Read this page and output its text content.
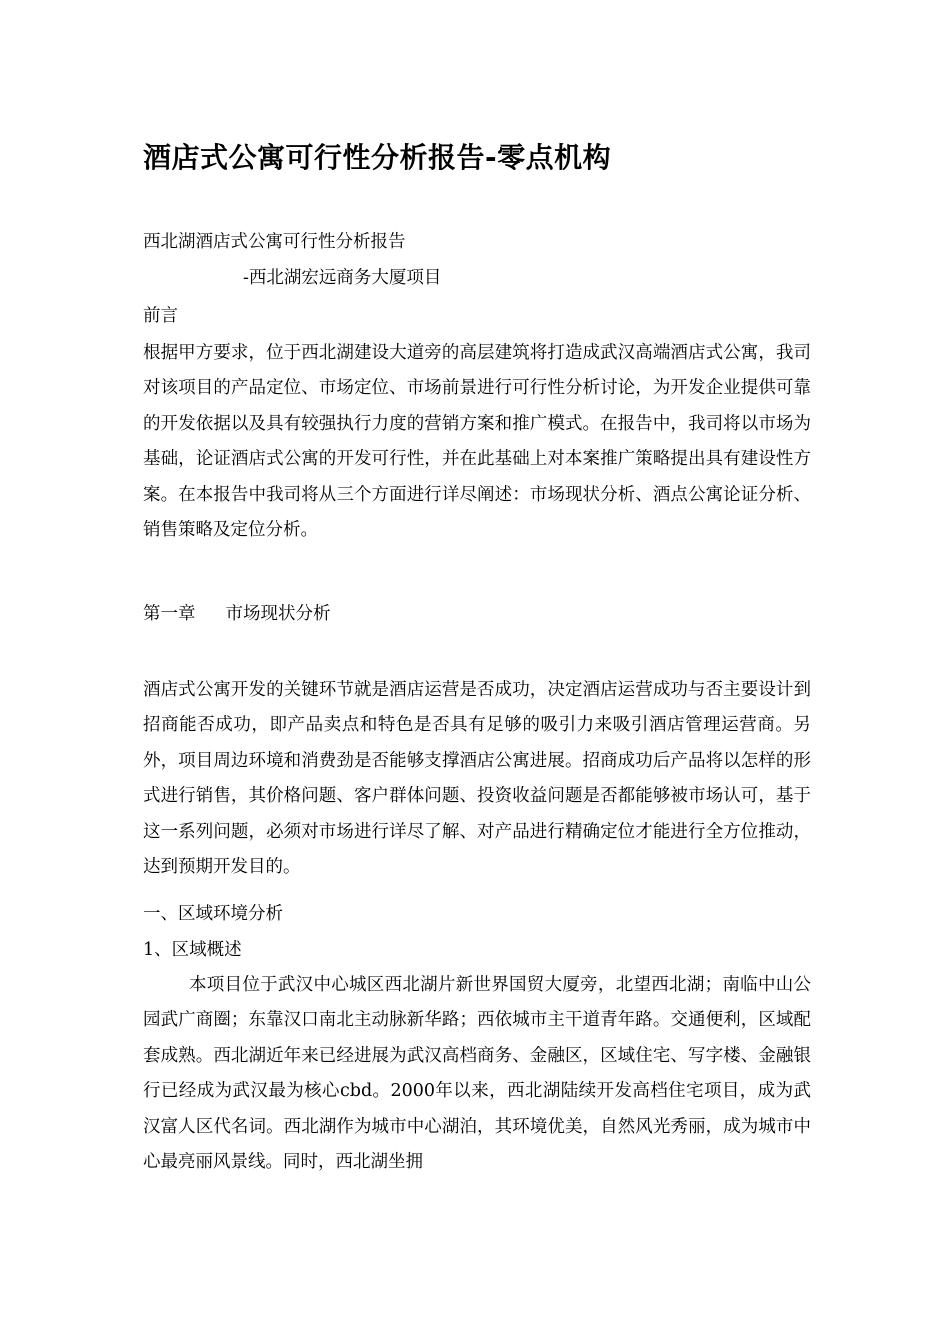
酒店式公寓可行性分析报告-零点机构
西北湖酒店式公寓可行性分析报告
-西北湖宏远商务大厦项目
前言
根据甲方要求，位于西北湖建设大道旁的高层建筑将打造成武汉高端酒店式公寓，我司对该项目的产品定位、市场定位、市场前景进行可行性分析讨论，为开发企业提供可靠的开发依据以及具有较强执行力度的营销方案和推广模式。在报告中，我司将以市场为基础，论证酒店式公寓的开发可行性，并在此基础上对本案推广策略提出具有建设性方案。在本报告中我司将从三个方面进行详尽阐述：市场现状分析、酒点公寓论证分析、销售策略及定位分析。
第一章 市场现状分析
酒店式公寓开发的关键环节就是酒店运营是否成功，决定酒店运营成功与否主要设计到招商能否成功，即产品卖点和特色是否具有足够的吸引力来吸引酒店管理运营商。另外，项目周边环境和消费劲是否能够支撑酒店公寓进展。招商成功后产品将以怎样的形式进行销售，其价格问题、客户群体问题、投资收益问题是否都能够被市场认可，基于这一系列问题，必须对市场进行详尽了解、对产品进行精确定位才能进行全方位推动，达到预期开发目的。
一、区域环境分析
1、区域概述
本项目位于武汉中心城区西北湖片新世界国贸大厦旁，北望西北湖；南临中山公园武广商圈；东靠汉口南北主动脉新华路；西依城市主干道青年路。交通便利，区域配套成熟。西北湖近年来已经进展为武汉高档商务、金融区，区域住宅、写字楼、金融银行已经成为武汉最为核心cbd。2000年以来，西北湖陆续开发高档住宅项目，成为武汉富人区代名词。西北湖作为城市中心湖泊，其环境优美，自然风光秀丽，成为城市中心最亮丽风景线。同时，西北湖坐拥
